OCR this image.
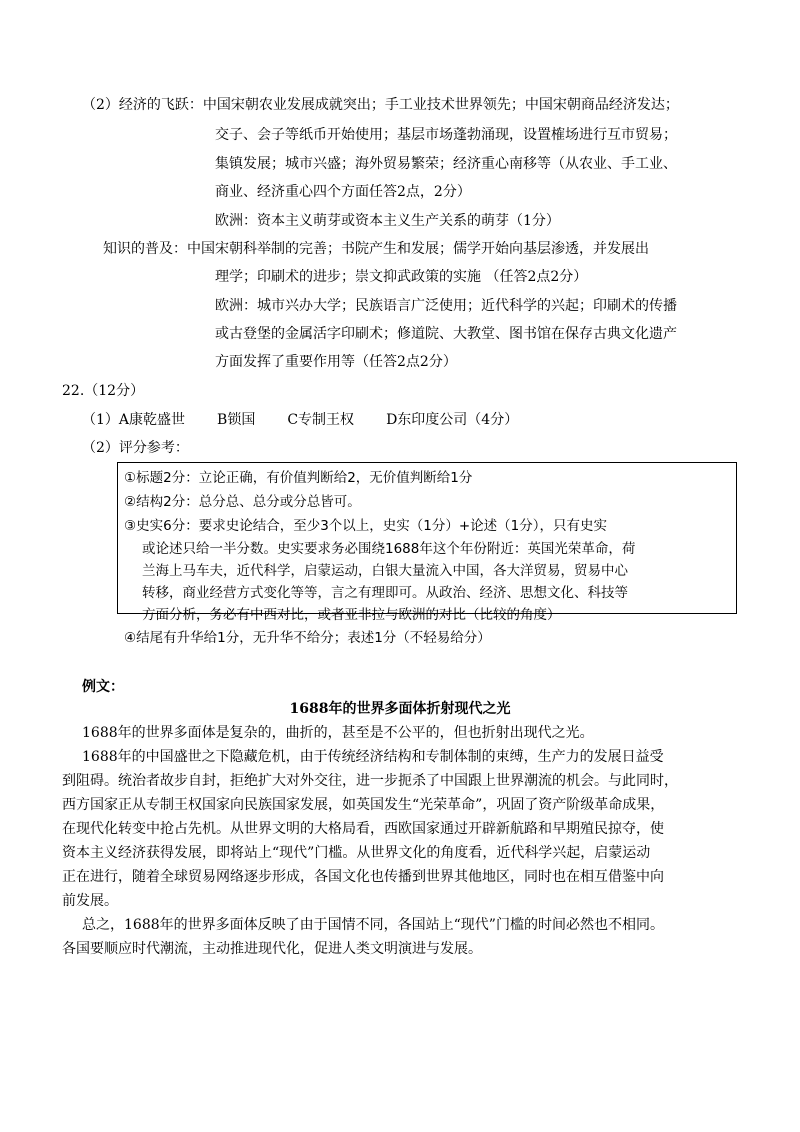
（2）经济的飞跃：中国宋朝农业发展成就突出；手工业技术世界领先；中国宋朝商品经济发达；
交子、会子等纸币开始使用；基层市场蓬勃涌现，设置榷场进行互市贸易；
集镇发展；城市兴盛；海外贸易繁荣；经济重心南移等（从农业、手工业、
商业、经济重心四个方面任答2点，2分）
欧洲：资本主义萌芽或资本主义生产关系的萌芽（1分）
知识的普及：中国宋朝科举制的完善；书院产生和发展；儒学开始向基层渗透，并发展出
理学；印刷术的进步；崇文抑武政策的实施 （任答2点2分）
欧洲：城市兴办大学；民族语言广泛使用；近代科学的兴起；印刷术的传播
或古登堡的金属活字印刷术；修道院、大教堂、图书馆在保存古典文化遗产
方面发挥了重要作用等（任答2点2分）
22.（12分）
（1）A康乾盛世 B锁国 C专制王权 D东印度公司（4分）
（2）评分参考：
①标题2分：立论正确，有价值判断给2，无价值判断给1分
②结构2分：总分总、总分或分总皆可。
③史实6分：要求史论结合，至少3个以上，史实（1分）+论述（1分），只有史实
或论述只给一半分数。史实要求务必围绕1688年这个年份附近：英国光荣革命，荷
兰海上马车夫，近代科学，启蒙运动，白银大量流入中国，各大洋贸易，贸易中心
转移，商业经营方式变化等等，言之有理即可。从政治、经济、思想文化、科技等
方面分析，务必有中西对比，或者亚非拉与欧洲的对比（比较的角度）
④结尾有升华给1分，无升华不给分；表述1分（不轻易给分）
例文：
1688年的世界多面体折射现代之光
1688年的世界多面体是复杂的，曲折的，甚至是不公平的，但也折射出现代之光。
1688年的中国盛世之下隐藏危机，由于传统经济结构和专制体制的束缚，生产力的发展日益受
到阻碍。统治者故步自封，拒绝扩大对外交往，进一步扼杀了中国跟上世界潮流的机会。与此同时，
西方国家正从专制王权国家向民族国家发展，如英国发生“光荣革命”，巩固了资产阶级革命成果，
在现代化转变中抢占先机。从世界文明的大格局看，西欧国家通过开辟新航路和早期殖民掠夺，使
资本主义经济获得发展，即将站上“现代”门槛。从世界文化的角度看，近代科学兴起，启蒙运动
正在进行，随着全球贸易网络逐步形成，各国文化也传播到世界其他地区，同时也在相互借鉴中向
前发展。
总之，1688年的世界多面体反映了由于国情不同，各国站上“现代”门槛的时间必然也不相同。
各国要顺应时代潮流，主动推进现代化，促进人类文明演进与发展。
